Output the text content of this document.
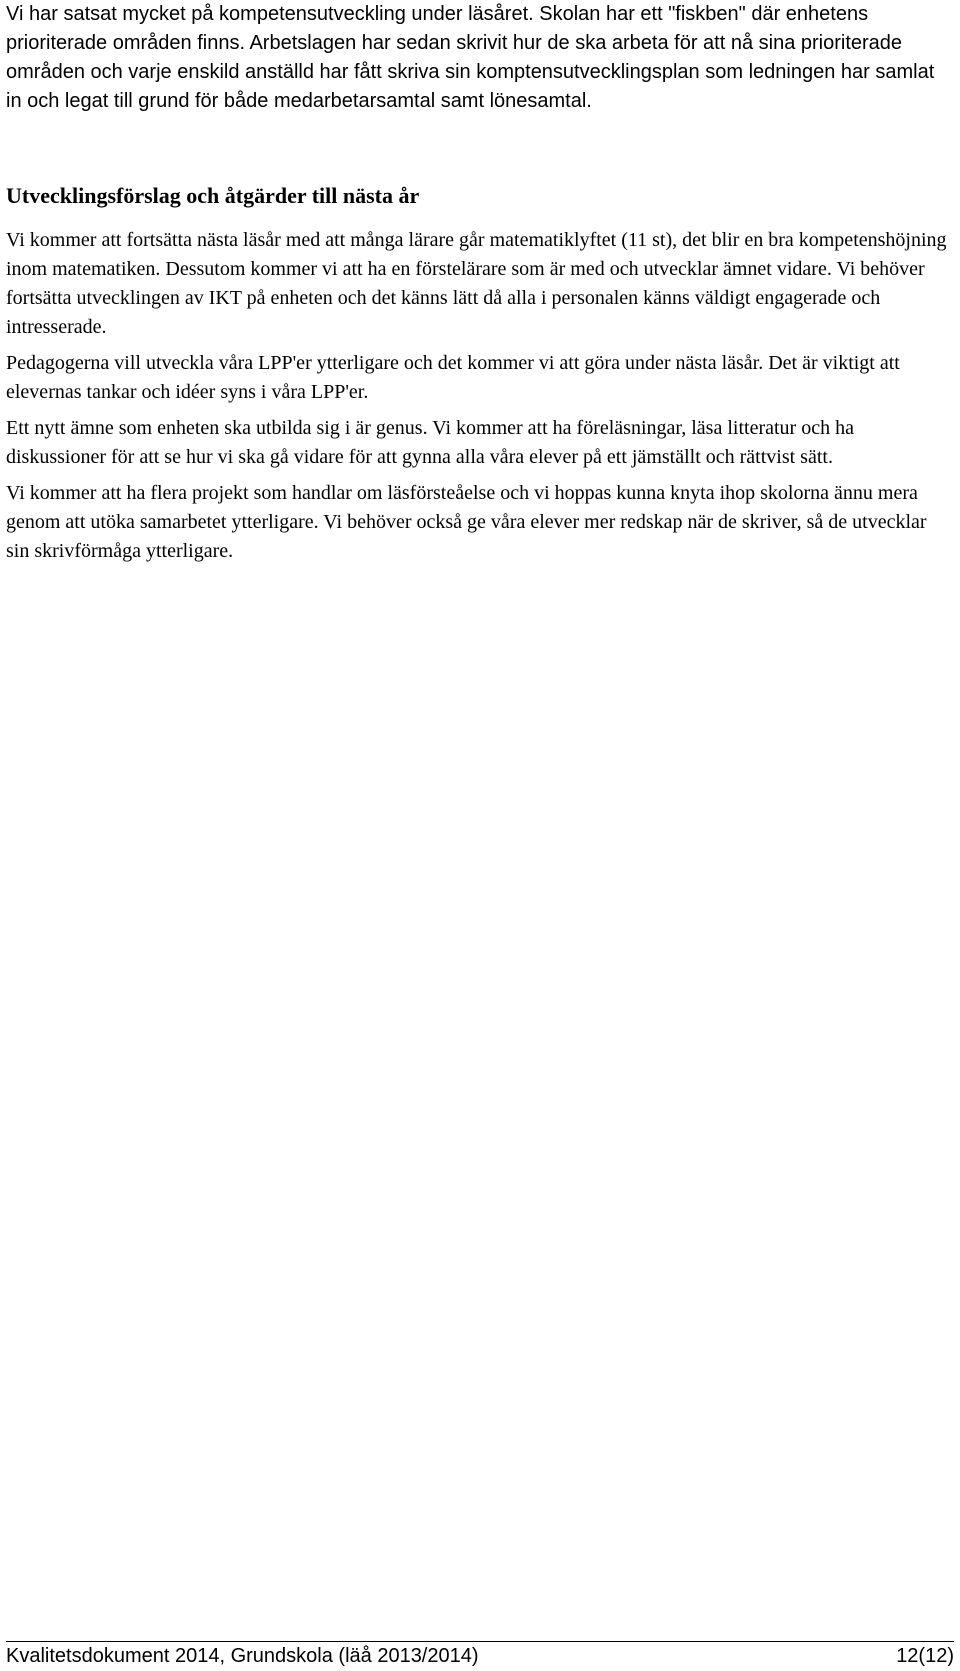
Vi har satsat mycket på kompetensutveckling under läsåret. Skolan har ett "fiskben" där enhetens prioriterade områden finns. Arbetslagen har sedan skrivit hur de ska arbeta för att nå sina prioriterade områden och varje enskild anställd har fått skriva sin komptensutvecklingsplan som ledningen har samlat in och legat till grund för både medarbetarsamtal samt lönesamtal.

Utvecklingsförslag och åtgärder till nästa år

Vi kommer att fortsätta nästa läsår med att många lärare går matematiklyftet (11 st), det blir en bra kompetenshöjning inom matematiken. Dessutom kommer vi att ha en förstelärare som är med och utvecklar ämnet vidare. Vi behöver fortsätta utvecklingen av IKT på enheten och det känns lätt då alla i personalen känns väldigt engagerade och intresserade.

Pedagogerna vill utveckla våra LPP'er ytterligare och det kommer vi att göra under nästa läsår. Det är viktigt att elevernas tankar och idéer syns i våra LPP'er.

Ett nytt ämne som enheten ska utbilda sig i är genus. Vi kommer att ha föreläsningar, läsa litteratur och ha diskussioner för att se hur vi ska gå vidare för att gynna alla våra elever på ett jämställt och rättvist sätt.

Vi kommer att ha flera projekt som handlar om läsförsteåelse och vi hoppas kunna knyta ihop skolorna ännu mera genom att utöka samarbetet ytterligare. Vi behöver också ge våra elever mer redskap när de skriver, så de utvecklar sin skrivförmåga ytterligare.

Kvalitetsdokument 2014, Grundskola (läå 2013/2014)	12(12)
